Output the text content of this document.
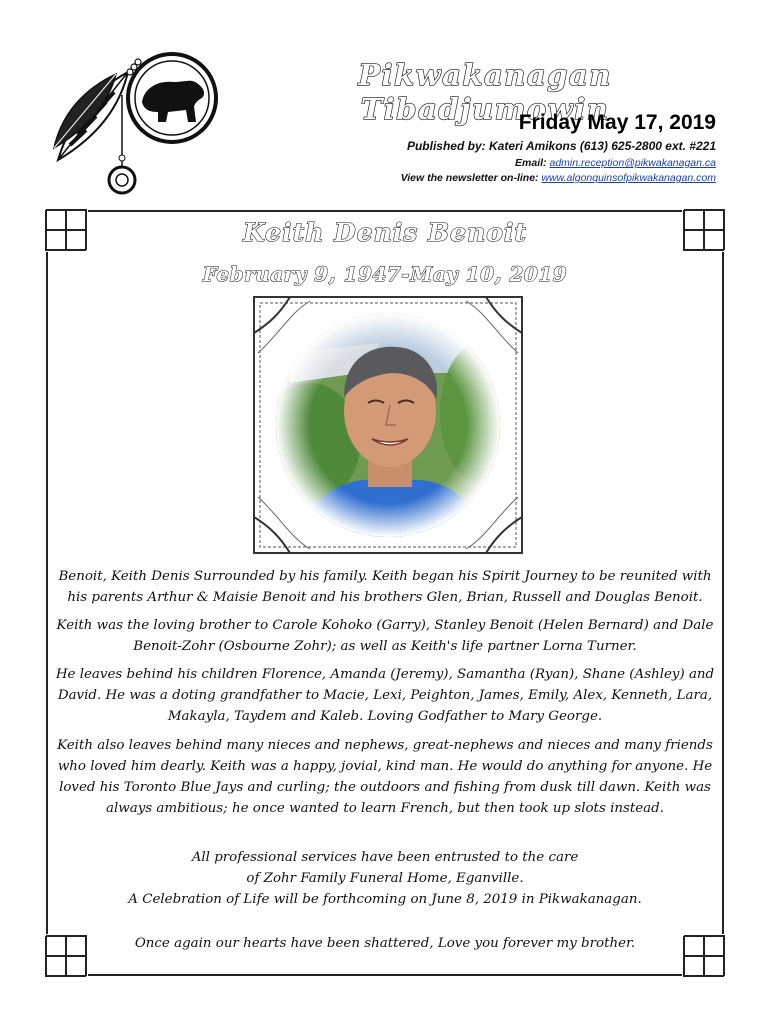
Pikwakanagan Tibadjumowin
Friday May 17, 2019
Published by: Kateri Amikons (613) 625-2800 ext. #221
Email: admin.reception@pikwakanagan.ca
View the newsletter on-line: www.algonquinsofpikwakanagan.com
Keith Denis Benoit
February 9, 1947-May 10, 2019

Benoit, Keith Denis Surrounded by his family. Keith began his Spirit Journey to be reunited with his parents Arthur & Maisie Benoit and his brothers Glen, Brian, Russell and Douglas Benoit.

Keith was the loving brother to Carole Kohoko (Garry), Stanley Benoit (Helen Bernard) and Dale Benoit-Zohr (Osbourne Zohr); as well as Keith's life partner Lorna Turner.

He leaves behind his children Florence, Amanda (Jeremy), Samantha (Ryan), Shane (Ashley) and David. He was a doting grandfather to Macie, Lexi, Peighton, James, Emily, Alex, Kenneth, Lara, Makayla, Taydem and Kaleb. Loving Godfather to Mary George.

Keith also leaves behind many nieces and nephews, great-nephews and nieces and many friends who loved him dearly. Keith was a happy, jovial, kind man. He would do anything for anyone. He loved his Toronto Blue Jays and curling; the outdoors and fishing from dusk till dawn. Keith was always ambitious; he once wanted to learn French, but then took up slots instead.

All professional services have been entrusted to the care
of Zohr Family Funeral Home, Eganville.
A Celebration of Life will be forthcoming on June 8, 2019 in Pikwakanagan.

Once again our hearts have been shattered, Love you forever my brother.
